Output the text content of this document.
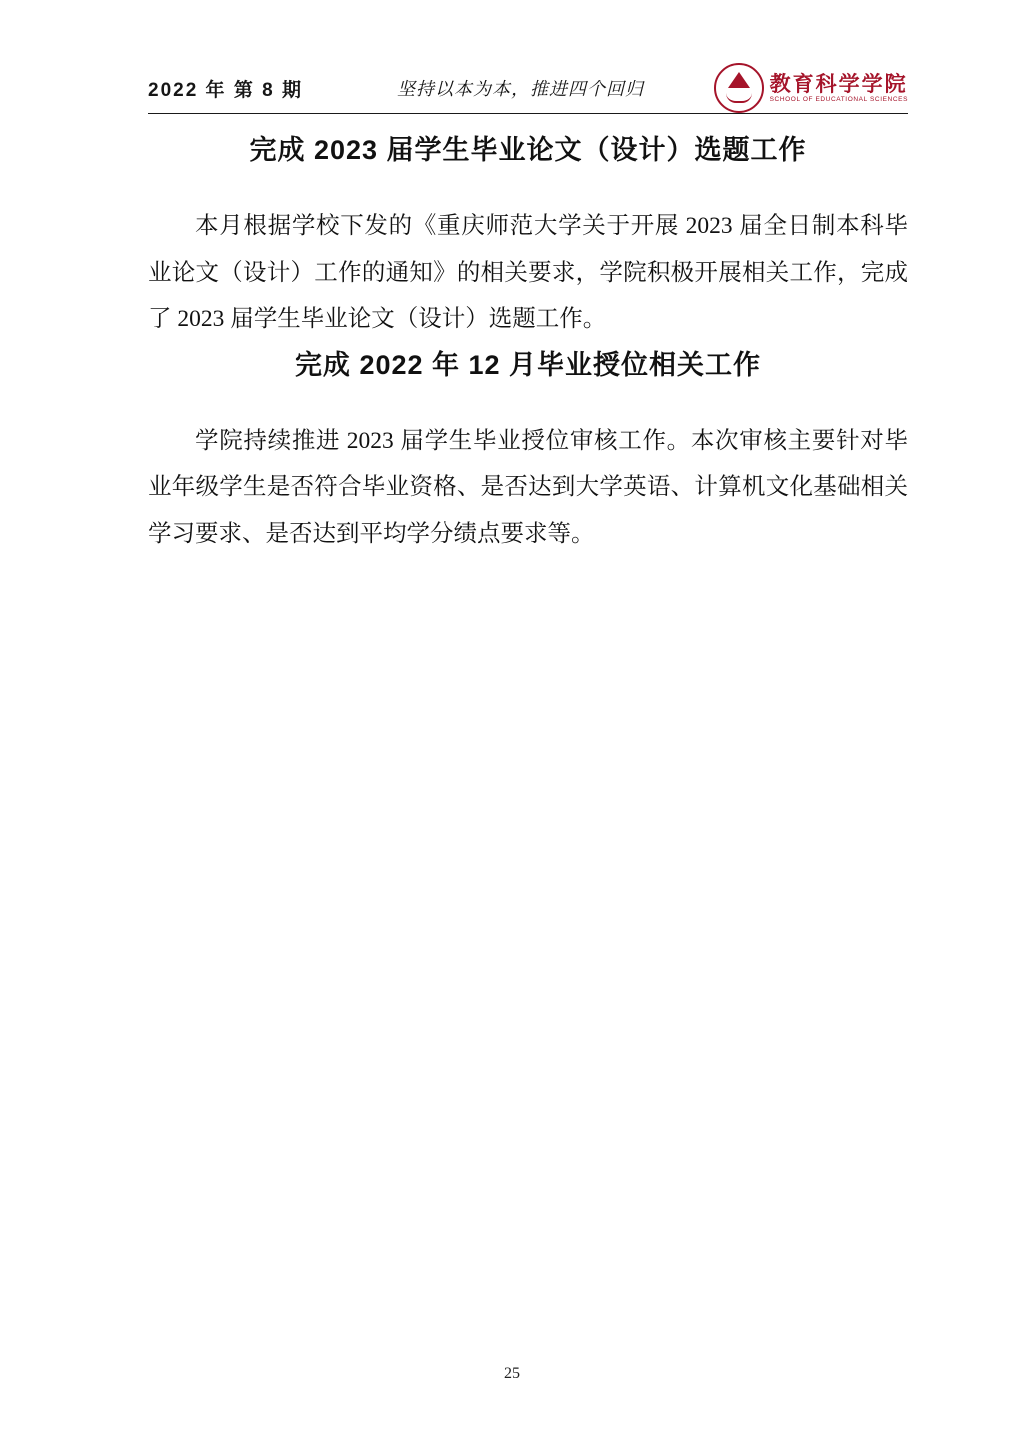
2022 年 第 8 期	坚持以本为本，推进四个回归	教育科学学院
SCHOOL OF EDUCATIONAL SCIENCES
完成 2023 届学生毕业论文（设计）选题工作

本月根据学校下发的《重庆师范大学关于开展 2023 届全日制本科毕业论文（设计）工作的通知》的相关要求，学院积极开展相关工作，完成了 2023 届学生毕业论文（设计）选题工作。

完成 2022 年 12 月毕业授位相关工作

学院持续推进 2023 届学生毕业授位审核工作。本次审核主要针对毕业年级学生是否符合毕业资格、是否达到大学英语、计算机文化基础相关学习要求、是否达到平均学分绩点要求等。

25
